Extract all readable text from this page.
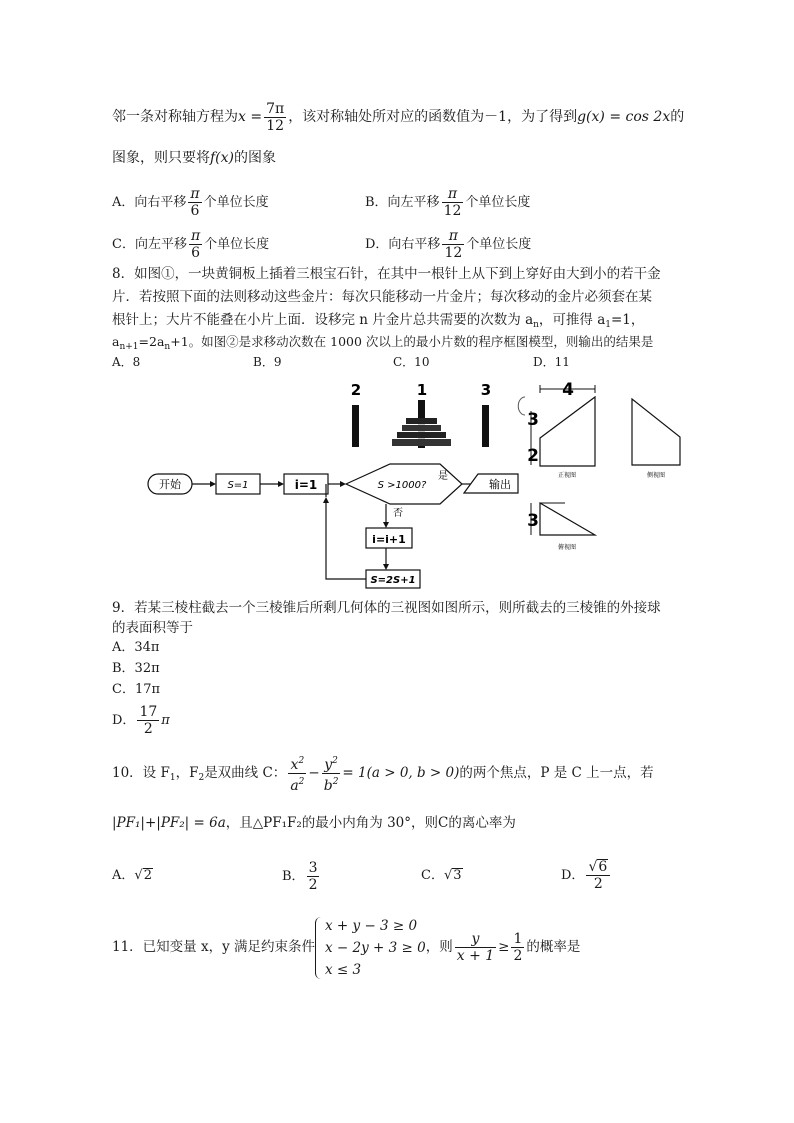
邻一条对称轴方程为$x = \frac{7\pi}{12}$ ，该对称轴处所对应的函数值为－1，为了得到g(x) = cos 2x的
图象，则只要将f(x)的图象
A．向右平移 $\frac{\pi}{6}$ 个单位长度	B．向左平移 $\frac{\pi}{12}$ 个单位长度
C．向左平移 $\frac{\pi}{6}$ 个单位长度	D．向右平移 $\frac{\pi}{12}$ 个单位长度
8．如图①，一块黄铜板上插着三根宝石针，在其中一根针上从下到上穿好由大到小的若干金
片．若按照下面的法则移动这些金片：每次只能移动一片金片；每次移动的金片必须套在某
根针上；大片不能叠在小片上面．设移完 n 片金片总共需要的次数为 $a_n$，可推得 $a_1=1$，
$a_{n+1}=2a_n+1$。如图②是求移动次数在 1000 次以上的最小片数的程序框图模型，则输出的结果是
A．8	B．9	C．10	D．11
2	1	3
开始	S=1	i=1	S >1000?
是
输出
否
i=i+1
S=2S+1
4
3
2
正视图	侧视图
3
俯视图
9．若某三棱柱截去一个三棱锥后所剩几何体的三视图如图所示，则所截去的三棱锥的外接球
的表面积等于
A．34π
B．32π
C．17π
D． $\frac{17}{2}$ π
10．设 $F_1$，$F_2$是双曲线 C： $\frac{x^2}{a^2} - \frac{y^2}{b^2} = 1(a > 0$, b > 0)的两个焦点，P 是 C 上一点，若
|PF₁|+|PF₂| = 6a，且△PF₁F₂的最小内角为 30°，则C的离心率为
A．√2	B． $\frac{3}{2}$	C．√3	D． $\frac{√6}{2}$
11．已知变量 x，y 满足约束条件
x + y − 3 ≥ 0
x − 2y + 3 ≥ 0
x ≤ 3
，则 $\frac{y}{x + 1} \ge \frac{1}{2}$ 的概率是
